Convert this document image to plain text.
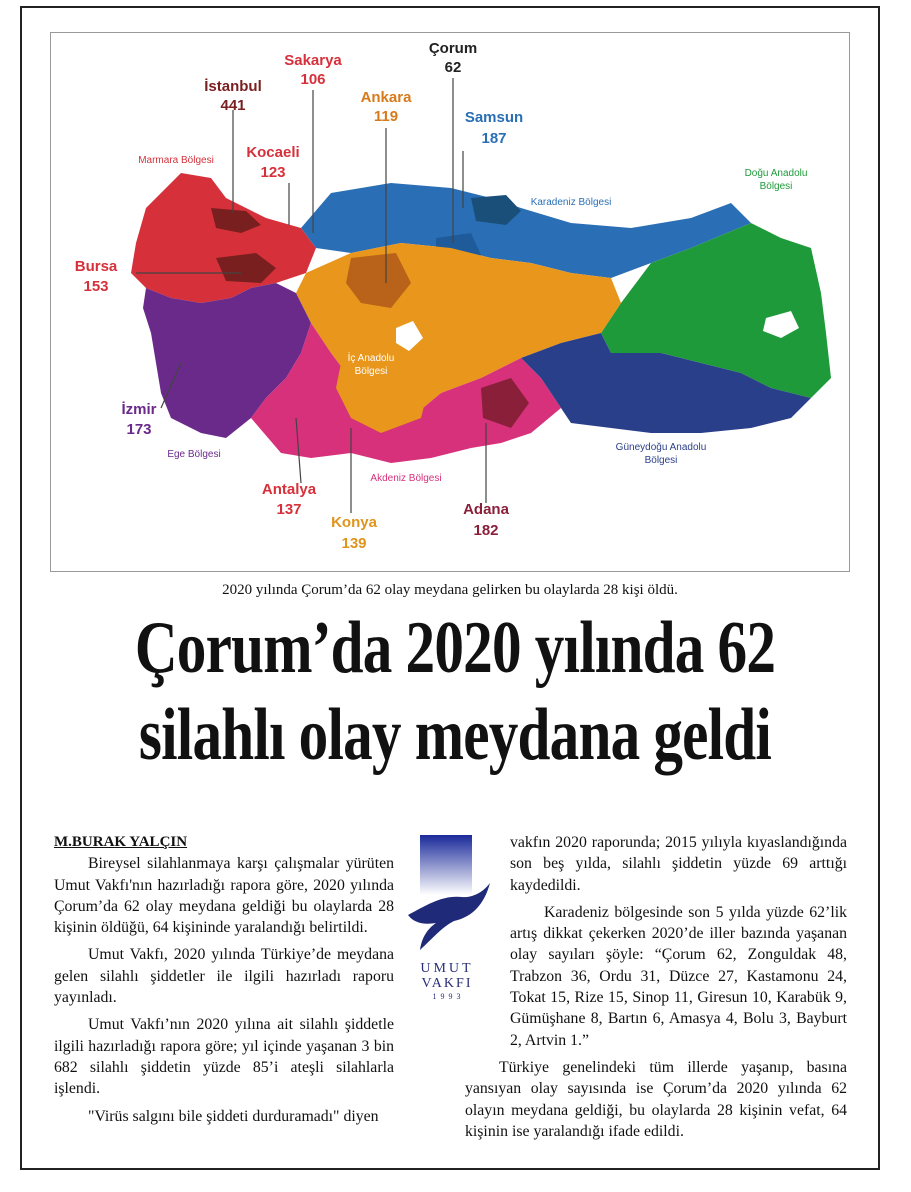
İstanbul
441
Sakarya
106
Çorum
62
Ankara
119	Samsun
187
Kocaeli
123
Bursa
153
İzmir
173
Antalya
137
Konya
139
Adana
182
Marmara Bölgesi
Karadeniz Bölgesi
Doğu Anadolu
Bölgesi
İç Anadolu
Bölgesi
Ege Bölgesi
Akdeniz Bölgesi
Güneydoğu Anadolu
Bölgesi
2020 yılında Çorum’da 62 olay meydana gelirken bu olaylarda 28 kişi öldü.
Çorum’da 2020 yılında 62
silahlı olay meydana geldi

M.BURAK YALÇIN

Bireysel silahlanmaya karşı çalışmalar yürüten Umut Vakfı'nın hazırladığı rapora göre, 2020 yılında Çorum’da 62 olay meydana geldiği bu olaylarda 28 kişinin öldüğü, 64 kişininde yaralandığı belirtildi.

Umut Vakfı, 2020 yılında Türkiye’de meydana gelen silahlı şiddetler ile ilgili hazırladı raporu yayınladı.

Umut Vakfı’nın 2020 yılına ait silahlı şiddetle ilgili hazırladığı rapora göre; yıl içinde yaşanan 3 bin 682 silahlı şiddetin yüzde 85’i ateşli silahlarla işlendi.

"Virüs salgını bile şiddeti durduramadı" diyen

UMUT
VAKFI
1 9 9 3

vakfın 2020 raporunda; 2015 yılıyla kıyaslandığında son beş yılda, silahlı şiddetin yüzde 69 arttığı kaydedildi.

Karadeniz bölgesinde son 5 yılda yüzde 62’lik artış dikkat çekerken 2020’de iller bazında yaşanan olay sayıları şöyle: “Çorum 62, Zonguldak 48, Trabzon 36, Ordu 31, Düzce 27, Kastamonu 24, Tokat 15, Rize 15, Sinop 11, Giresun 10, Karabük 9, Gümüşhane 8, Bartın 6, Amasya 4, Bolu 3, Bayburt 2, Artvin 1.”

Türkiye genelindeki tüm illerde yaşanıp, basına yansıyan olay sayısında ise Çorum’da 2020 yılında 62 olayın meydana geldiği, bu olaylarda 28 kişinin vefat, 64 kişinin ise yaralandığı ifade edildi.
